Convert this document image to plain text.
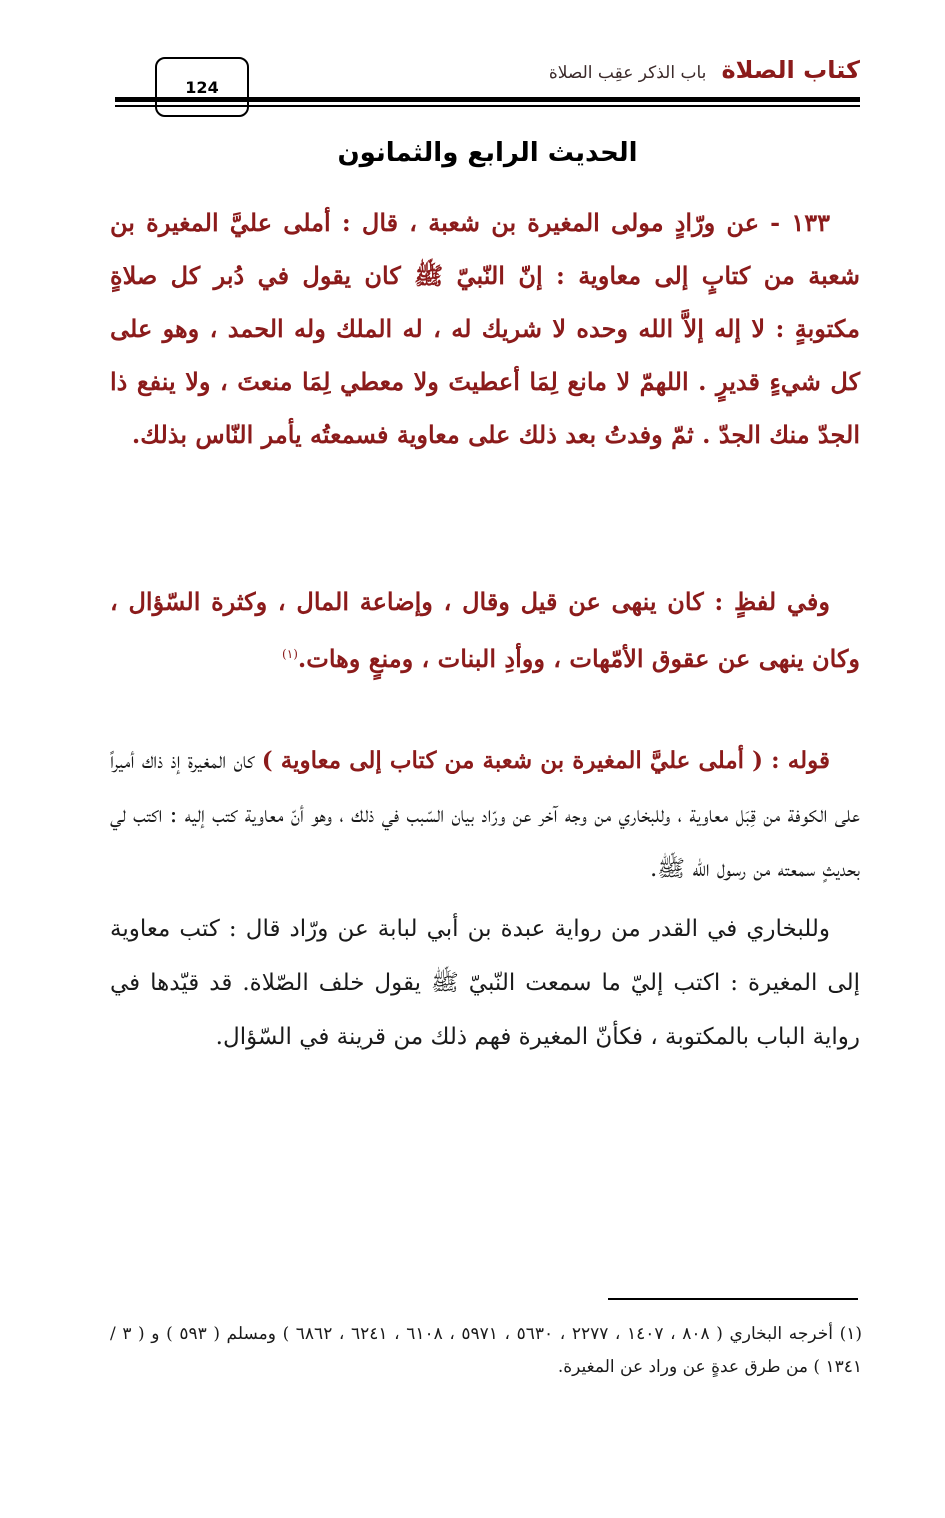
124
كتاب الصلاة باب الذكر عقِب الصلاة
الحديث الرابع والثمانون

١٣٣ - عن ورّادٍ مولى المغيرة بن شعبة ، قال : أملى عليَّ المغيرة بن شعبة من كتابٍ إلى معاوية : إنّ النّبيّ ﷺ كان يقول في دُبر كل صلاةٍ مكتوبةٍ : لا إله إلاَّ الله وحده لا شريك له ، له الملك وله الحمد ، وهو على كل شيءٍ قديرٍ . اللهمّ لا مانع لِمَا أعطيتَ ولا معطي لِمَا منعتَ ، ولا ينفع ذا الجدّ منك الجدّ . ثمّ وفدتُ بعد ذلك على معاوية فسمعتُه يأمر النّاس بذلك.

وفي لفظٍ : كان ينهى عن قيل وقال ، وإضاعة المال ، وكثرة السّؤال ، وكان ينهى عن عقوق الأمّهات ، ووأدِ البنات ، ومنعٍ وهات.$^{(١)}$

قوله : ( أملى عليَّ المغيرة بن شعبة من كتاب إلى معاوية ) كان المغيرة إذ ذاك أميراً على الكوفة من قِبَل معاوية ، وللبخاري من وجه آخر عن ورّاد بيان السّبب في ذلك ، وهو أنّ معاوية كتب إليه : اكتب لي بحديثٍ سمعته من رسول الله ﷺ.

وللبخاري في القدر من رواية عبدة بن أبي لبابة عن ورّاد قال : كتب معاوية إلى المغيرة : اكتب إليّ ما سمعت النّبيّ ﷺ يقول خلف الصّلاة. قد قيّدها في رواية الباب بالمكتوبة ، فكأنّ المغيرة فهم ذلك من قرينة في السّؤال.

(١) أخرجه البخاري ( ٨٠٨ ، ١٤٠٧ ، ٢٢٧٧ ، ٥٦٣٠ ، ٥٩٧١ ، ٦١٠٨ ، ٦٢٤١ ، ٦٨٦٢ ) ومسلم ( ٥٩٣ ) و ( ٣ / ١٣٤١ ) من طرق عدةٍ عن وراد عن المغيرة.
